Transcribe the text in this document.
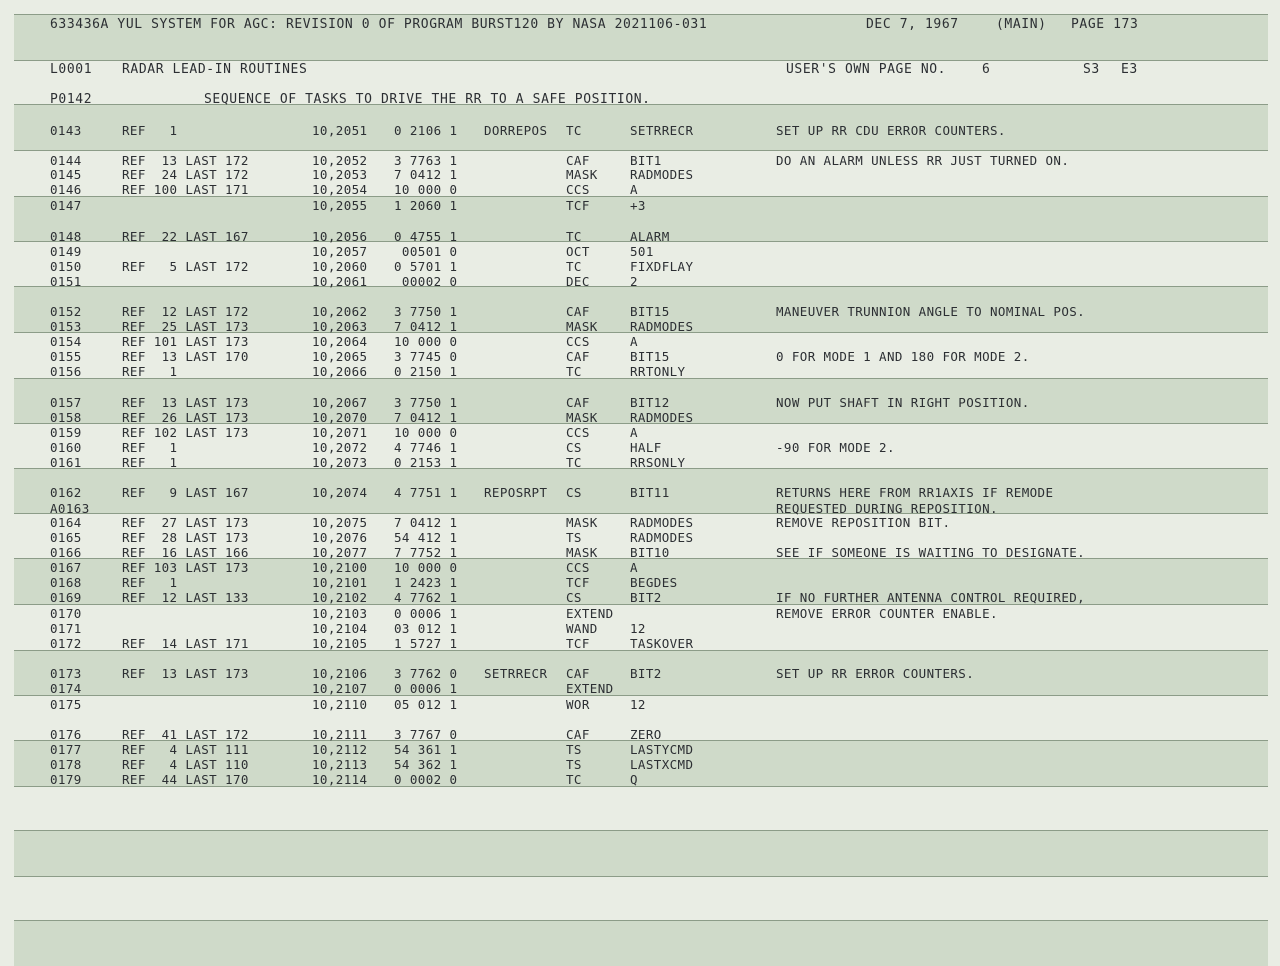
633436A YUL SYSTEM FOR AGC: REVISION 0 OF PROGRAM BURST120 BY NASA 2021106-031

	DEC 7, 1967

	(MAIN)

PAGE 173

L0001

RADAR LEAD-IN ROUTINES

	USER'S OWN PAGE NO.

	6

	S3

E3

P0142

	SEQUENCE OF TASKS TO DRIVE THE RR TO A SAFE POSITION.

0143	REF   1	10,2051 0 2106 1 DORREPOS TC	SETRRECR	SET UP RR CDU ERROR COUNTERS.
0144	REF  13 LAST 172	10,2052 3 7763 1	CAF	BIT1	DO AN ALARM UNLESS RR JUST TURNED ON.
0145	REF  24 LAST 172	10,2053 7 0412 1	MASK	RADMODES
0146	REF 100 LAST 171	10,2054 10 000 0	CCS	A
0147	10,2055 1 2060 1	TCF	+3
0148	REF  22 LAST 167	10,2056 0 4755 1	TC	ALARM
0149	10,2057 00501 0	OCT	501
0150	REF   5 LAST 172	10,2060 0 5701 1	TC	FIXDFLAY
0151	10,2061 00002 0	DEC	2
0152	REF  12 LAST 172	10,2062 3 7750 1	CAF	BIT15	MANEUVER TRUNNION ANGLE TO NOMINAL POS.
0153	REF  25 LAST 173	10,2063 7 0412 1	MASK	RADMODES
0154	REF 101 LAST 173	10,2064 10 000 0	CCS	A
0155	REF  13 LAST 170	10,2065 3 7745 0	CAF	BIT15	0 FOR MODE 1 AND 180 FOR MODE 2.
0156	REF   1	10,2066 0 2150 1	TC	RRTONLY
0157	REF  13 LAST 173	10,2067 3 7750 1	CAF	BIT12	NOW PUT SHAFT IN RIGHT POSITION.
0158	REF  26 LAST 173	10,2070 7 0412 1	MASK	RADMODES
0159	REF 102 LAST 173	10,2071 10 000 0	CCS	A
0160	REF   1	10,2072 4 7746 1	CS	HALF	-90 FOR MODE 2.
0161	REF   1	10,2073 0 2153 1	TC	RRSONLY
0162	REF   9 LAST 167	10,2074 4 7751 1 REPOSRPT CS	BIT11	RETURNS HERE FROM RR1AXIS IF REMODE
A0163	REQUESTED DURING REPOSITION.
0164	REF  27 LAST 173	10,2075 7 0412 1	MASK	RADMODES	REMOVE REPOSITION BIT.
0165	REF  28 LAST 173	10,2076 54 412 1	TS	RADMODES
0166	REF  16 LAST 166	10,2077 7 7752 1	MASK	BIT10	SEE IF SOMEONE IS WAITING TO DESIGNATE.
0167	REF 103 LAST 173	10,2100 10 000 0	CCS	A
0168	REF   1	10,2101 1 2423 1	TCF	BEGDES
0169	REF  12 LAST 133	10,2102 4 7762 1	CS	BIT2	IF NO FURTHER ANTENNA CONTROL REQUIRED,
0170	10,2103 0 0006 1	EXTEND	REMOVE ERROR COUNTER ENABLE.
0171	10,2104 03 012 1	WAND	12
0172	REF  14 LAST 171	10,2105 1 5727 1	TCF	TASKOVER
0173	REF  13 LAST 173	10,2106 3 7762 0 SETRRECR CAF	BIT2	SET UP RR ERROR COUNTERS.
0174	10,2107 0 0006 1	EXTEND
0175	10,2110 05 012 1	WOR	12
0176	REF  41 LAST 172	10,2111 3 7767 0	CAF	ZERO
0177	REF   4 LAST 111	10,2112 54 361 1	TS	LASTYCMD
0178	REF   4 LAST 110	10,2113 54 362 1	TS	LASTXCMD
0179	REF  44 LAST 170	10,2114 0 0002 0	TC	Q
